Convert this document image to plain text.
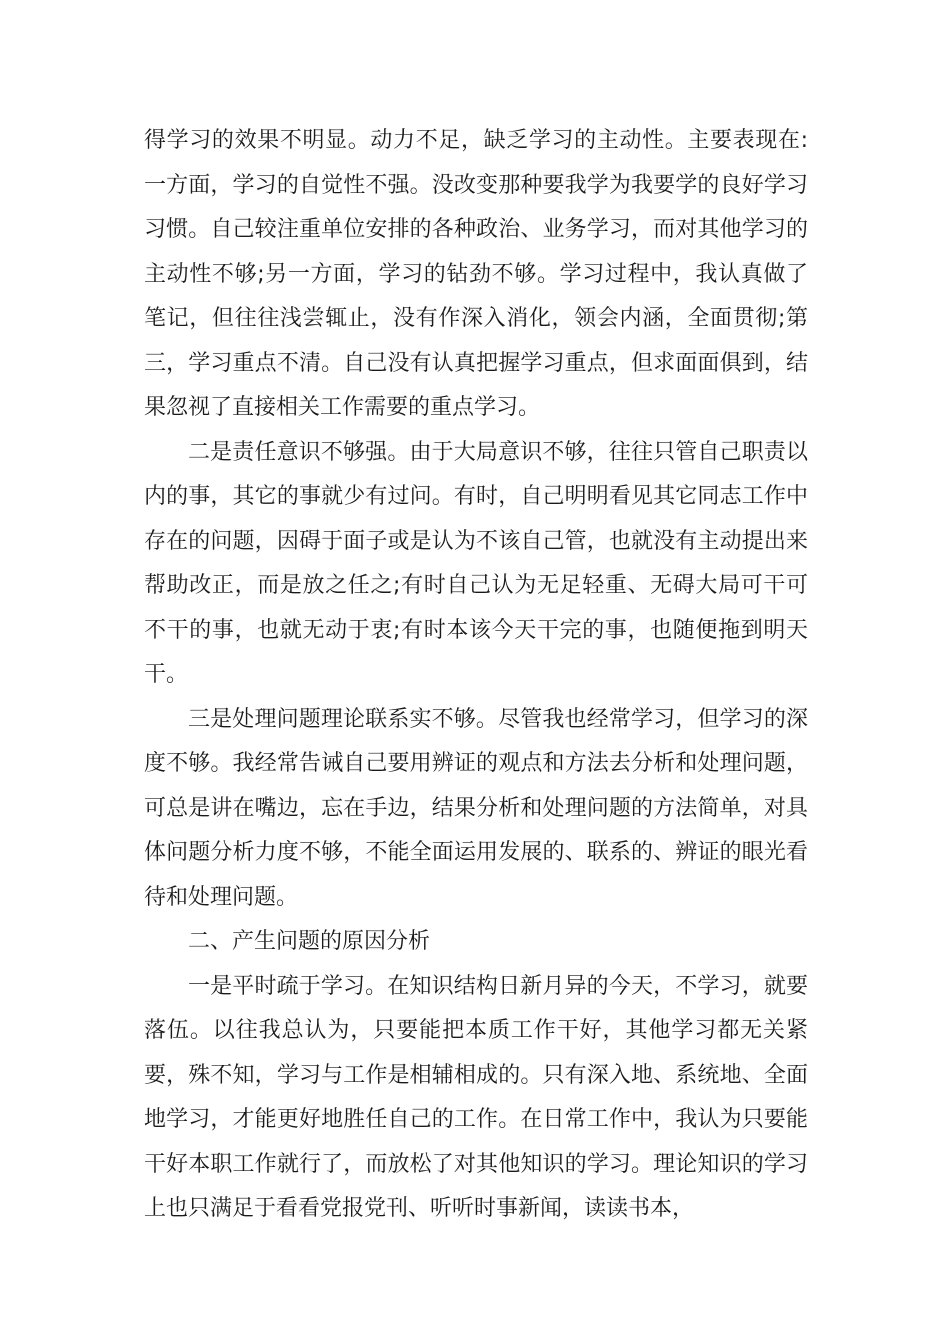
得学习的效果不明显。动力不足，缺乏学习的主动性。主要表现在:一方面，学习的自觉性不强。没改变那种要我学为我要学的良好学习习惯。自己较注重单位安排的各种政治、业务学习，而对其他学习的主动性不够;另一方面，学习的钻劲不够。学习过程中，我认真做了笔记，但往往浅尝辄止，没有作深入消化，领会内涵，全面贯彻;第三，学习重点不清。自己没有认真把握学习重点，但求面面俱到，结果忽视了直接相关工作需要的重点学习。

二是责任意识不够强。由于大局意识不够，往往只管自己职责以内的事，其它的事就少有过问。有时，自己明明看见其它同志工作中存在的问题，因碍于面子或是认为不该自己管，也就没有主动提出来帮助改正，而是放之任之;有时自己认为无足轻重、无碍大局可干可不干的事，也就无动于衷;有时本该今天干完的事，也随便拖到明天干。

三是处理问题理论联系实不够。尽管我也经常学习，但学习的深度不够。我经常告诫自己要用辨证的观点和方法去分析和处理问题，可总是讲在嘴边，忘在手边，结果分析和处理问题的方法简单，对具体问题分析力度不够，不能全面运用发展的、联系的、辨证的眼光看待和处理问题。

二、产生问题的原因分析

一是平时疏于学习。在知识结构日新月异的今天，不学习，就要落伍。以往我总认为，只要能把本质工作干好，其他学习都无关紧要，殊不知，学习与工作是相辅相成的。只有深入地、系统地、全面地学习，才能更好地胜任自己的工作。在日常工作中，我认为只要能干好本职工作就行了，而放松了对其他知识的学习。理论知识的学习上也只满足于看看党报党刊、听听时事新闻，读读书本，
